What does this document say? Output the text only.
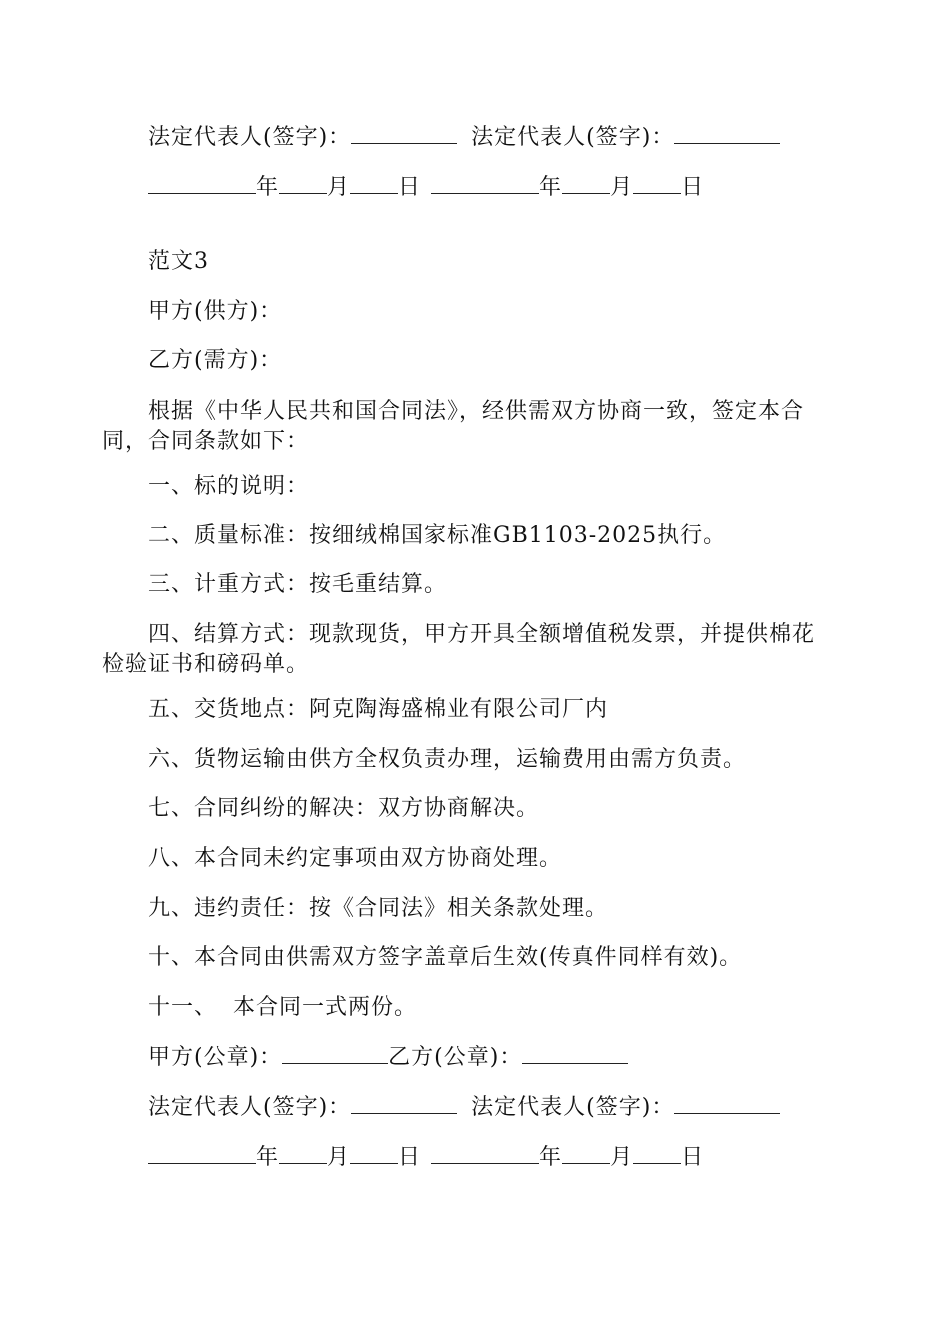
法定代表人(签字)：	法定代表人(签字)：
年 月 日	年 月 日
范文3
甲方(供方)：
乙方(需方)：
根据《中华人民共和国合同法》，经供需双方协商一致，签定本合
同，合同条款如下：
一、标的说明：
二、质量标准：按细绒棉国家标准GB1103-2025执行。
三、计重方式：按毛重结算。
四、结算方式：现款现货，甲方开具全额增值税发票，并提供棉花
检验证书和磅码单。
五、交货地点：阿克陶海盛棉业有限公司厂内
六、货物运输由供方全权负责办理，运输费用由需方负责。
七、合同纠纷的解决：双方协商解决。
八、本合同未约定事项由双方协商处理。
九、违约责任：按《合同法》相关条款处理。
十、本合同由供需双方签字盖章后生效(传真件同样有效)。
十一、  本合同一式两份。
甲方(公章)：	乙方(公章)：
法定代表人(签字)：	法定代表人(签字)：
年 月 日	年 月 日
